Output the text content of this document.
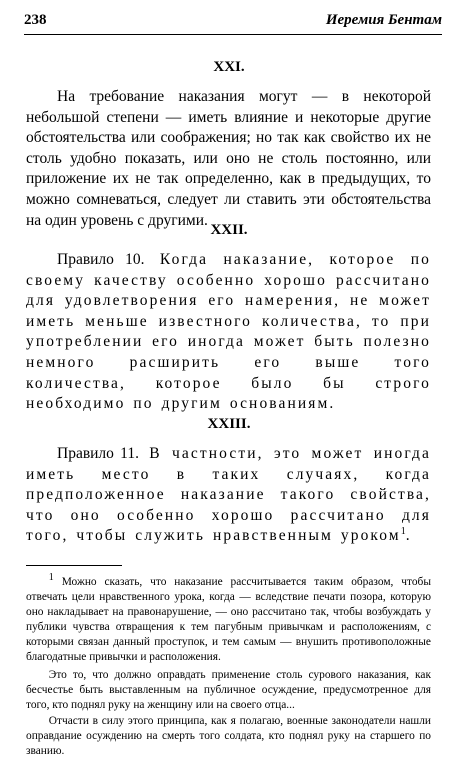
238	Иеремия Бентам
XXI.

На требование наказания могут — в некоторой небольшой степени — иметь влияние и некоторые другие обстоятельства или соображения; но так как свойство их не столь удобно показать, или оно не столь постоянно, или приложение их не так определенно, как в предыдущих, то можно сомневаться, следует ли ставить эти обстоятельства на один уровень с другими.

XXII.

Правило 10. Когда наказание, которое по своему качеству особенно хорошо рассчитано для удовлетворения его намерения, не может иметь меньше известного количества, то при употреблении его иногда может быть полезно немного расширить его выше того количества, которое было бы строго необходимо по другим основаниям.

XXIII.

Правило 11. В частности, это может иногда иметь место в таких случаях, когда предположенное наказание такого свойства, что оно особенно хорошо рассчитано для того, чтобы служить нравственным уроком$^1$.

$^1$ Можно сказать, что наказание рассчитывается таким образом, чтобы отвечать цели нравственного урока, когда — вследствие печати позора, которую оно накладывает на правонарушение, — оно рассчитано так, чтобы возбуждать у публики чувства отвращения к тем пагубным привычкам и расположениям, с которыми связан данный проступок, и тем самым — внушить противоположные благодатные привычки и расположения.

Это то, что должно оправдать применение столь сурового наказания, как бесчестье быть выставленным на публичное осуждение, предусмотренное для того, кто поднял руку на женщину или на своего отца...

Отчасти в силу этого принципа, как я полагаю, военные законодатели нашли оправдание осуждению на смерть того солдата, кто поднял руку на старшего по званию.
